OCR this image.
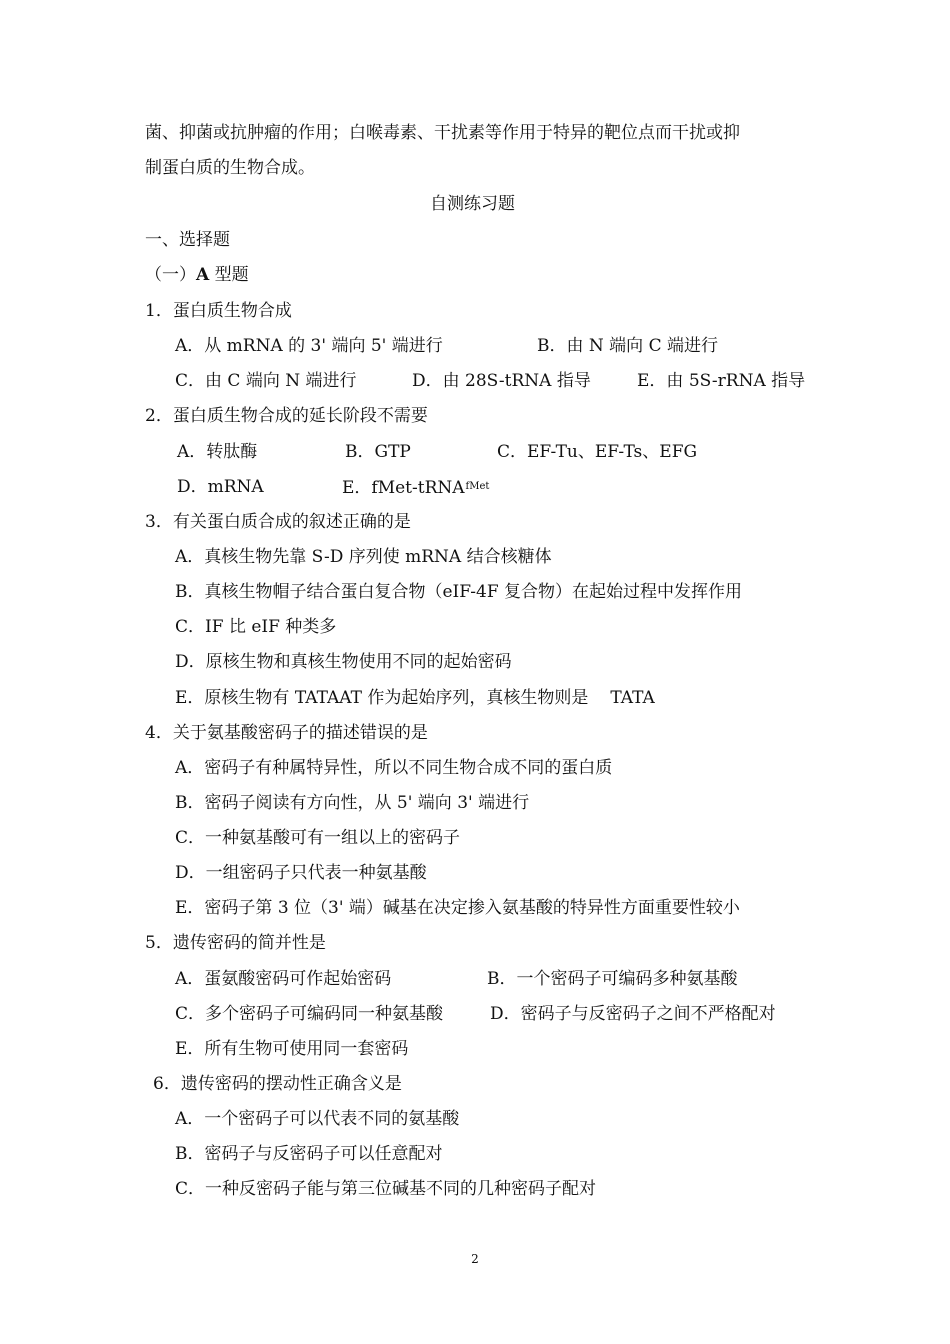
菌、抑菌或抗肿瘤的作用；白喉毒素、干扰素等作用于特异的靶位点而干扰或抑
制蛋白质的生物合成。
自测练习题
一、选择题
（一）A 型题
1．蛋白质生物合成
A．从 mRNA 的 3' 端向 5' 端进行	B．由 N 端向 C 端进行
C．由 C 端向 N 端进行	D．由 28S-tRNA 指导	E．由 5S-rRNA 指导
2．蛋白质生物合成的延长阶段不需要
A．转肽酶	B．GTP	C．EF-Tu、EF-Ts、EFG
D．mRNA	E．fMet-tRNA$^{fMet}$
3．有关蛋白质合成的叙述正确的是
A．真核生物先靠 S-D 序列使 mRNA 结合核糖体
B．真核生物帽子结合蛋白复合物（eIF-4F 复合物）在起始过程中发挥作用
C．IF 比 eIF 种类多
D．原核生物和真核生物使用不同的起始密码
E．原核生物有 TATAAT 作为起始序列，真核生物则是 TATA
4．关于氨基酸密码子的描述错误的是
A．密码子有种属特异性，所以不同生物合成不同的蛋白质
B．密码子阅读有方向性，从 5' 端向 3' 端进行
C．一种氨基酸可有一组以上的密码子
D．一组密码子只代表一种氨基酸
E．密码子第 3 位（3' 端）碱基在决定掺入氨基酸的特异性方面重要性较小
5．遗传密码的简并性是
A．蛋氨酸密码可作起始密码	B．一个密码子可编码多种氨基酸
C．多个密码子可编码同一种氨基酸	D．密码子与反密码子之间不严格配对
E．所有生物可使用同一套密码
6．遗传密码的摆动性正确含义是
A．一个密码子可以代表不同的氨基酸
B．密码子与反密码子可以任意配对
C．一种反密码子能与第三位碱基不同的几种密码子配对
2
